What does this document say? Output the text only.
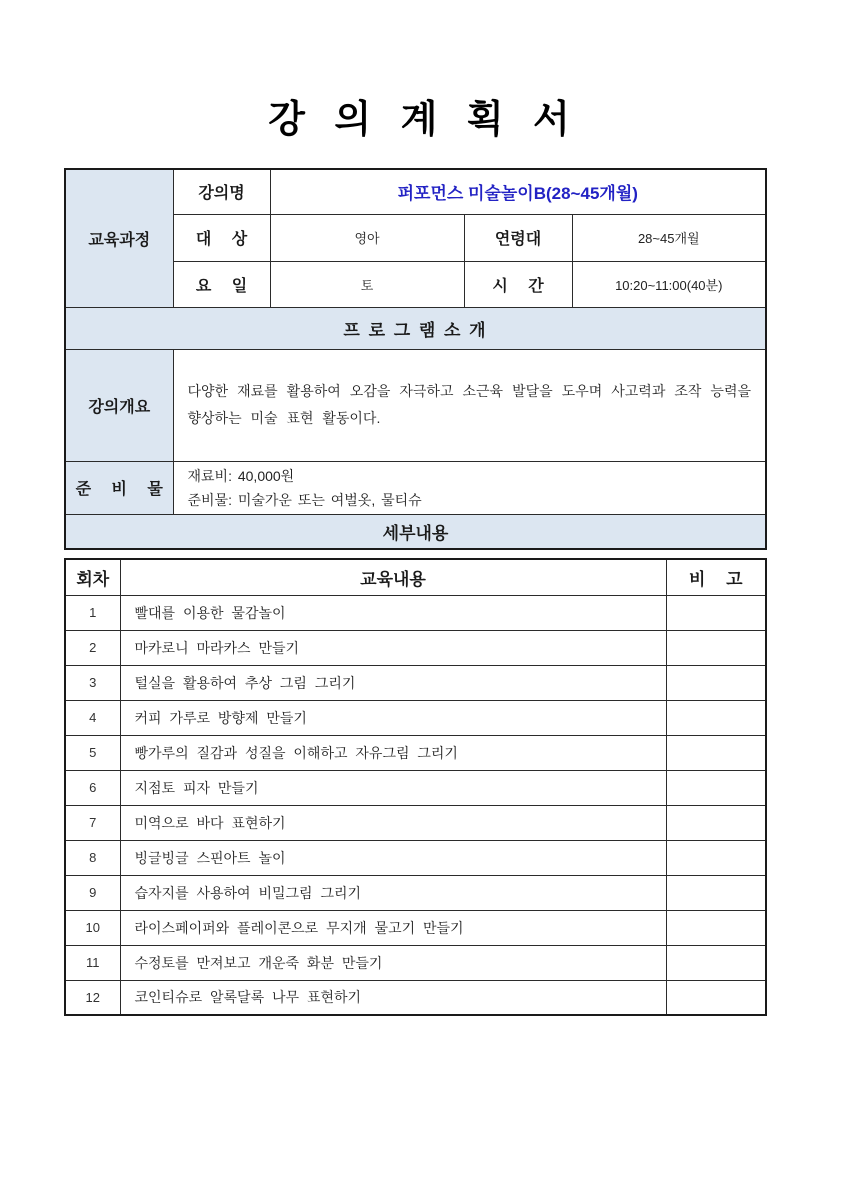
강 의 계 획 서
교육과정	강의명	퍼포먼스 미술놀이B(28~45개월)		
	대 상	영아	연령대	28~45개월
	요 일	토	시 간	10:20~11:00(40분)
프 로 그 램 소 개				
강의개요	다양한 재료를 활용하여 오감을 자극하고 소근육 발달을 도우며 사고력과 조작 능력을 향상하는 미술 표현 활동이다.			
준 비 물	재료비: 40,000원
준비물: 미술가운 또는 여벌옷, 물티슈			

세부내용				
회차	교육내용	비 고
1	빨대를 이용한 물감놀이	
2	마카로니 마라카스 만들기	
3	털실을 활용하여 추상 그림 그리기	
4	커피 가루로 방향제 만들기	
5	빵가루의 질감과 성질을 이해하고 자유그림 그리기	
6	지점토 피자 만들기	
7	미역으로 바다 표현하기	
8	빙글빙글 스핀아트 놀이	
9	습자지를 사용하여 비밀그림 그리기	
10	라이스페이퍼와 플레이콘으로 무지개 물고기 만들기	
11	수정토를 만져보고 개운죽 화분 만들기	
12	코인티슈로 알록달록 나무 표현하기	
